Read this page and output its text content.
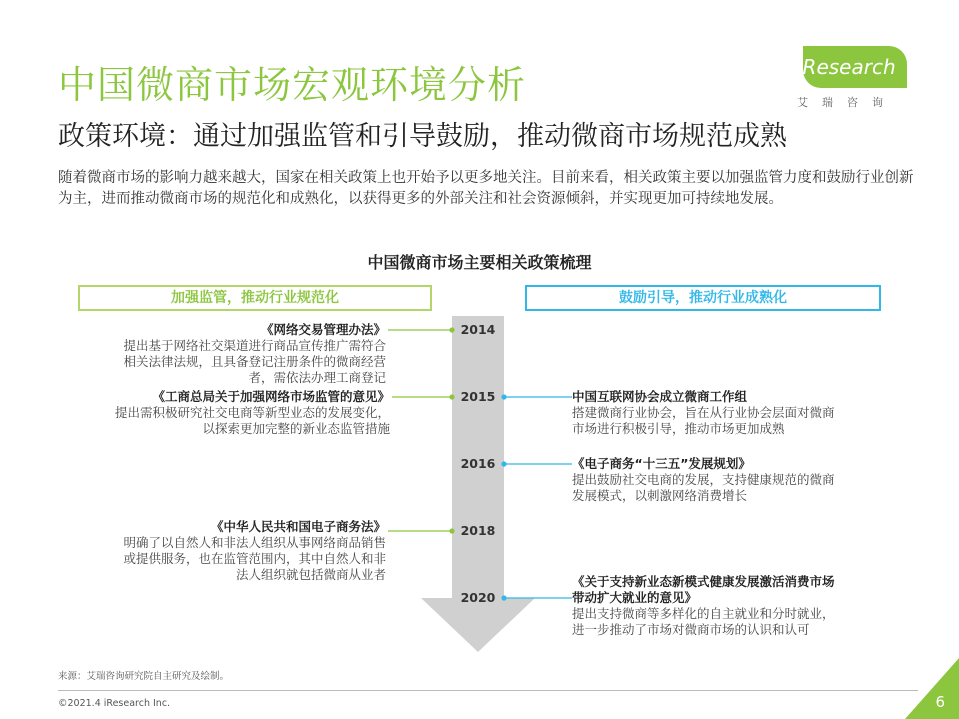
中国微商市场宏观环境分析
政策环境：通过加强监管和引导鼓励，推动微商市场规范成熟
iResearch
艾瑞咨询
随着微商市场的影响力越来越大，国家在相关政策上也开始予以更多地关注。目前来看，相关政策主要以加强监管力度和鼓励行业创新为主，进而推动微商市场的规范化和成熟化，以获得更多的外部关注和社会资源倾斜，并实现更加可持续地发展。
中国微商市场主要相关政策梳理
加强监管，推动行业规范化	鼓励引导，推动行业成熟化
2014
2015
2016
2018
2020
《网络交易管理办法》
提出基于网络社交渠道进行商品宣传推广需符合
相关法律法规，且具备登记注册条件的微商经营
者，需依法办理工商登记
《工商总局关于加强网络市场监管的意见》
提出需积极研究社交电商等新型业态的发展变化，
以探索更加完整的新业态监管措施
《中华人民共和国电子商务法》
明确了以自然人和非法人组织从事网络商品销售
或提供服务，也在监管范围内，其中自然人和非
法人组织就包括微商从业者
中国互联网协会成立微商工作组
搭建微商行业协会，旨在从行业协会层面对微商
市场进行积极引导，推动市场更加成熟
《电子商务“十三五”发展规划》
提出鼓励社交电商的发展，支持健康规范的微商
发展模式，以刺激网络消费增长
《关于支持新业态新模式健康发展激活消费市场
带动扩大就业的意见》
提出支持微商等多样化的自主就业和分时就业，
进一步推动了市场对微商市场的认识和认可
来源：艾瑞咨询研究院自主研究及绘制。
©2021.4 iResearch Inc.	6
